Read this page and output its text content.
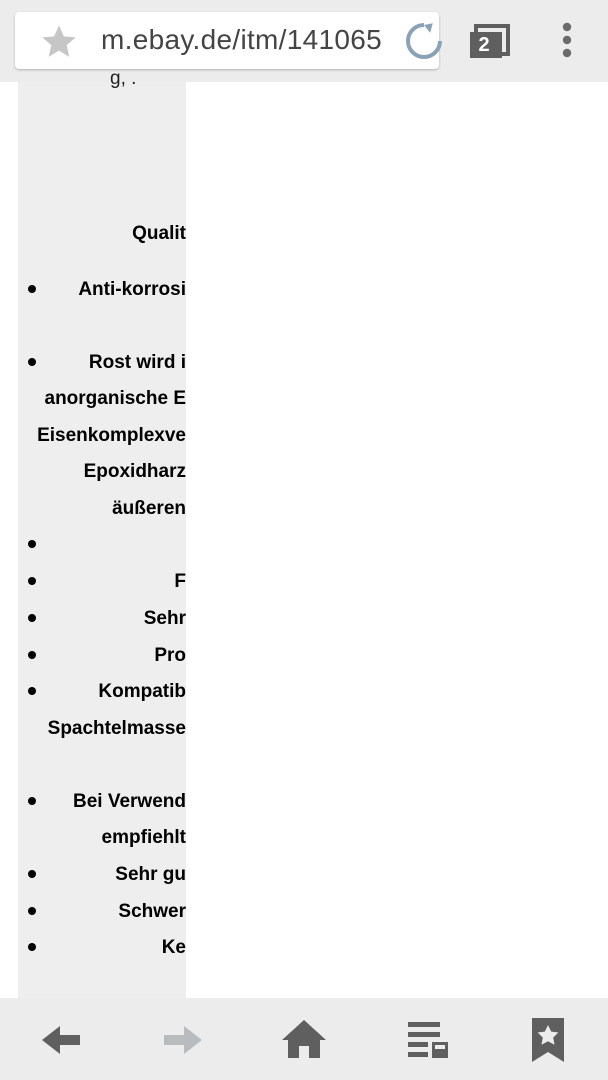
m.ebay.de/itm/141065	2
g, .
Qualit
Anti-korrosi
Rost wird i
anorganische E
Eisenkomplexve
Epoxidharz
äußeren
F
Sehr
Pro
Kompatib
Spachtelmasse
Bei Verwend
empfiehlt
Sehr gu
Schwer
Ke
